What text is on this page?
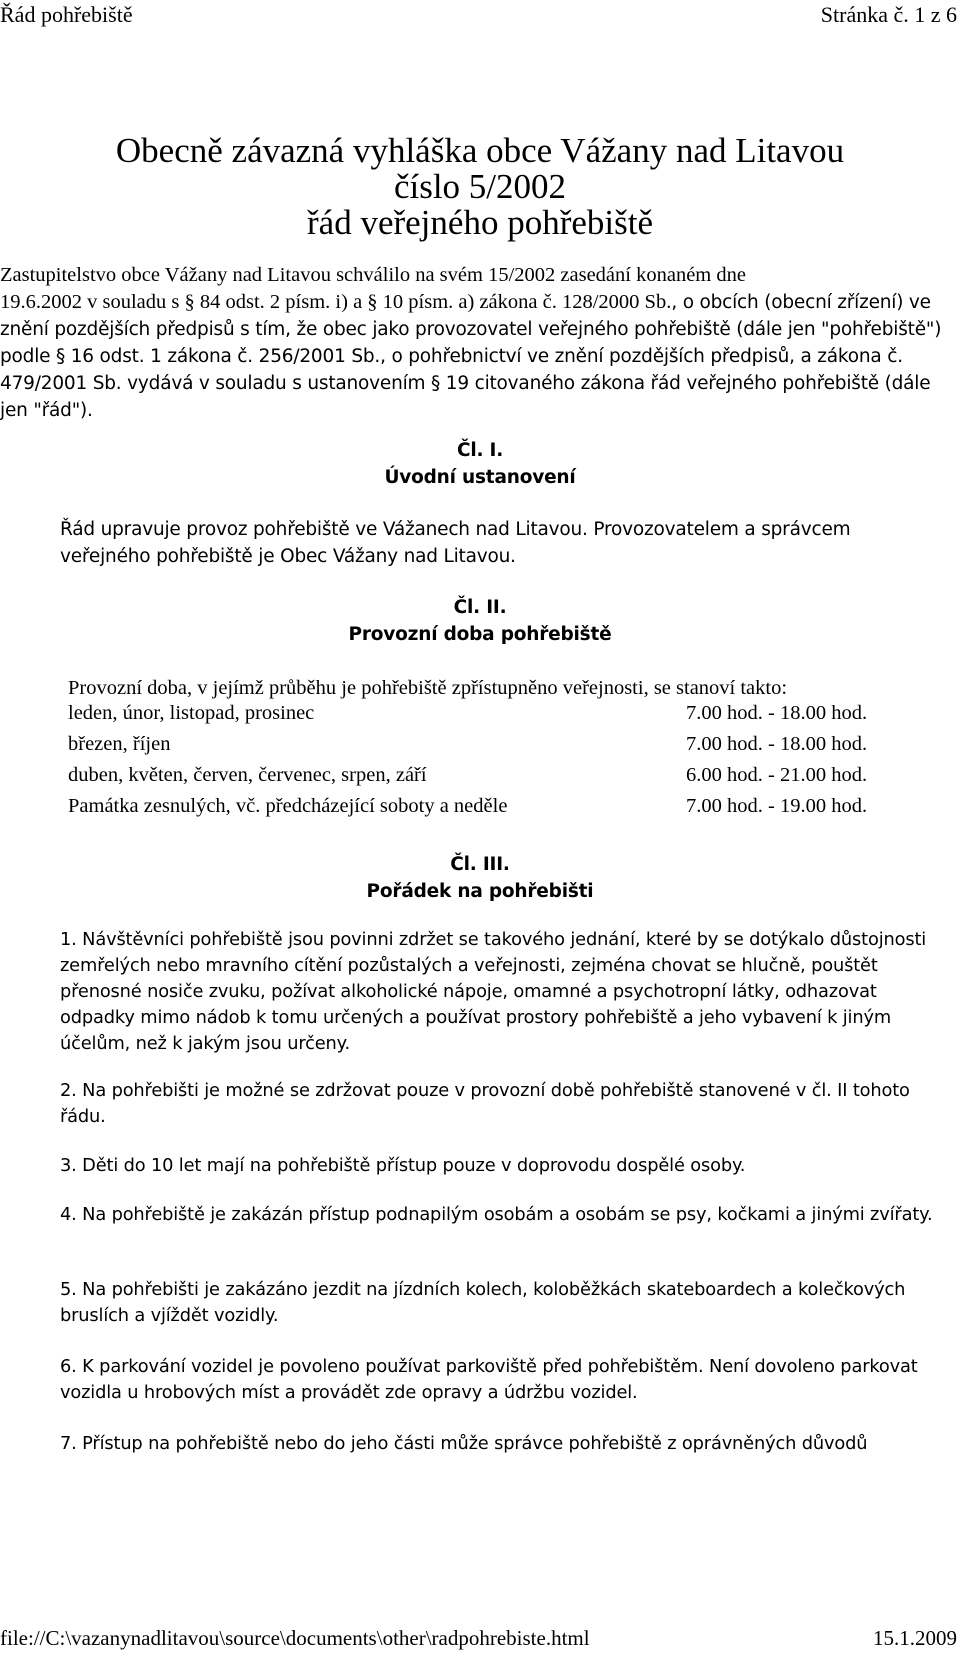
Řád pohřebiště	Stránka č. 1 z 6
Obecně závazná vyhláška obce Vážany nad Litavou
číslo 5/2002
řád veřejného pohřebiště
Zastupitelstvo obce Vážany nad Litavou schválilo na svém 15/2002 zasedání konaném dne
19.6.2002 v souladu s § 84 odst. 2 písm. i) a § 10 písm. a) zákona č. 128/2000 Sb., o obcích (obecní zřízení) ve znění pozdějších předpisů s tím, že obec jako provozovatel veřejného pohřebiště (dále jen "pohřebiště") podle § 16 odst. 1 zákona č. 256/2001 Sb., o pohřebnictví ve znění pozdějších předpisů, a zákona č. 479/2001 Sb. vydává v souladu s ustanovením § 19 citovaného zákona řád veřejného pohřebiště (dále jen "řád").
Čl. I.
Úvodní ustanovení
Řád upravuje provoz pohřebiště ve Vážanech nad Litavou. Provozovatelem a správcem veřejného pohřebiště je Obec Vážany nad Litavou.
Čl. II.
Provozní doba pohřebiště
Provozní doba, v jejímž průběhu je pohřebiště zpřístupněno veřejnosti, se stanoví takto:
leden, únor, listopad, prosinec	7.00 hod. - 18.00 hod.
březen, říjen	7.00 hod. - 18.00 hod.
duben, květen, červen, červenec, srpen, září	6.00 hod. - 21.00 hod.
Památka zesnulých, vč. předcházející soboty a neděle	7.00 hod. - 19.00 hod.
Čl. III.
Pořádek na pohřebišti
1. Návštěvníci pohřebiště jsou povinni zdržet se takového jednání, které by se dotýkalo důstojnosti zemřelých nebo mravního cítění pozůstalých a veřejnosti, zejména chovat se hlučně, pouštět přenosné nosiče zvuku, požívat alkoholické nápoje, omamné a psychotropní látky, odhazovat odpadky mimo nádob k tomu určených a používat prostory pohřebiště a jeho vybavení k jiným účelům, než k jakým jsou určeny.
2. Na pohřebišti je možné se zdržovat pouze v provozní době pohřebiště stanovené v čl. II tohoto řádu.
3. Děti do 10 let mají na pohřebiště přístup pouze v doprovodu dospělé osoby.
4. Na pohřebiště je zakázán přístup podnapilým osobám a osobám se psy, kočkami a jinými zvířaty.
5. Na pohřebišti je zakázáno jezdit na jízdních kolech, koloběžkách skateboardech a kolečkových bruslích a vjíždět vozidly.
6. K parkování vozidel je povoleno používat parkoviště před pohřebištěm. Není dovoleno parkovat vozidla u hrobových míst a provádět zde opravy a údržbu vozidel.
7. Přístup na pohřebiště nebo do jeho části může správce pohřebiště z oprávněných důvodů
file://C:\vazanynadlitavou\source\documents\other\radpohrebiste.html	15.1.2009
